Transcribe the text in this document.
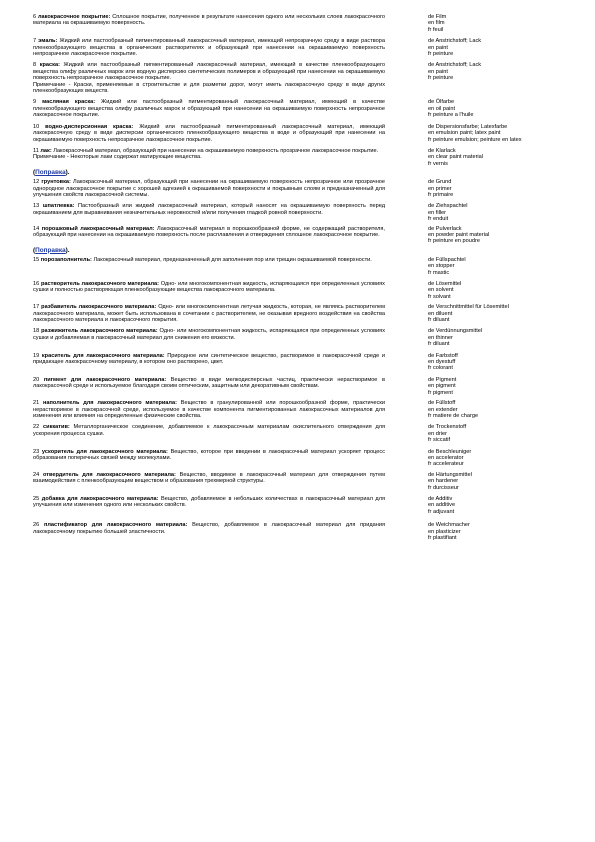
6 лакокрасочное покрытие: Сплошное покрытие, полученное в результате нанесения одного или нескольких слоев лакокрасочного материала на окрашиваемую поверхность.
de Film
en film
fr feuil
7 эмаль: Жидкий или пастообразный пигментированный лакокрасочный материал, имеющий непрозрачную среду в виде раствора пленкообразующего вещества в органических растворителях и образующий при нанесении на окрашиваемую поверхность непрозрачное лакокрасочное покрытие.
de Anstrichstoff; Lack
en paint
fr peinture
8 краска: Жидкий или пастообразный пигментированный лакокрасочный материал, имеющий в качестве пленкообразующего вещества олифу различных марок или водную дисперсию синтетических полимеров и образующий при нанесении на окрашиваемую поверхность непрозрачное лакокрасочное покрытие.
Примечание - Краски, применяемые в строительстве и для разметки дорог, могут иметь лакокрасочную среду в виде других пленкообразующих веществ.
de Anstrichstoff; Lack
en paint
fr peinture
9 масляная краска: Жидкий или пастообразный пигментированный лакокрасочный материал, имеющий в качестве пленкообразующего вещества олифу различных марок и образующий при нанесении на окрашиваемую поверхность непрозрачное лакокрасочное покрытие.
de Ölfarbe
en oil paint
fr peinture a l'huile
10 водно-дисперсионная краска: Жидкий или пастообразный пигментированный лакокрасочный материал, имеющий лакокрасочную среду в виде дисперсии органического пленкообразующего вещества в воде и образующий при нанесении на окрашиваемую поверхность непрозрачное лакокрасочное покрытие.
de Dispersionsfarbe; Latexfarbe
en emulsion paint; latex paint
fr peinture emulsion; peinture en latex
11 лак: Лакокрасочный материал, образующий при нанесении на окрашиваемую поверхность прозрачное лакокрасочное покрытие.
Примечание - Некоторые лаки содержат матирующие вещества.
de Klarlack
en clear paint material
fr vernis
(Поправка).
12 грунтовка: Лакокрасочный материал, образующий при нанесении на окрашиваемую поверхность непрозрачное или прозрачное однородное лакокрасочное покрытие с хорошей адгезией к окрашиваемой поверхности и покрывным слоям и предназначенный для улучшения свойств лакокрасочной системы.
de Grund
en primer
fr primaire
13 шпатлевка: Пастообразный или жидкий лакокрасочный материал, который наносят на окрашиваемую поверхность перед окрашиванием для выравнивания незначительных неровностей и/или получения гладкой ровной поверхности.
de Ziehspachtel
en filler
fr enduit
14 порошковый лакокрасочный материал: Лакокрасочный материал в порошкообразной форме, не содержащий растворителя, образующий при нанесении на окрашиваемую поверхность после расплавления и отверждения сплошное лакокрасочное покрытие.
de Pulverlack
en powder paint material
fr peinture en poudre
(Поправка).
15 порозаполнитель: Лакокрасочный материал, предназначенный для заполнения пор или трещин окрашиваемой поверхности.	de Füllspachtel
en stopper
fr mastic
16 растворитель лакокрасочного материала: Одно- или многокомпонентная жидкость, испаряющаяся при определенных условиях сушки и полностью растворяющая пленкообразующие вещества лакокрасочного материала.
de Lösemittel
en solvent
fr solvant
17 разбавитель лакокрасочного материала: Одно- или многокомпонентная летучая жидкость, которая, не являясь растворителем лакокрасочного материала, может быть использована в сочетании с растворителем, не оказывая вредного воздействия на свойства лакокрасочного материала и лакокрасочного покрытия.
de Verschnittmittel für Lösemittel
en diluent
fr diluant
18 разжижитель лакокрасочного материала: Одно- или многокомпонентная жидкость, испаряющаяся при определенных условиях сушки и добавляемая в лакокрасочный материал для снижения его вязкости.
de Verdünnungsmittel
en thinner
fr diluant
19 краситель для лакокрасочного материала: Природное или синтетическое вещество, растворимое в лакокрасочной среде и придающее лакокрасочному материалу, в котором оно растворено, цвет.
de Farbstoff
en dyestuff
fr colorant
20 пигмент для лакокрасочного материала: Вещество в виде мелкодисперсных частиц, практически нерастворимое в лакокрасочной среде и используемое благодаря своим оптическим, защитным или декоративным свойствам.
de Pigment
en pigment
fr pigment
21 наполнитель для лакокрасочного материала: Вещество в гранулированной или порошкообразной форме, практически нерастворимое в лакокрасочной среде, используемое в качестве компонента пигментированных лакокрасочных материалов для изменения или влияния на определенные физические свойства.
de Füllstoff
en extender
fr matiere de charge
22 сиккатив: Металлорганическое соединение, добавляемое к лакокрасочным материалам окислительного отверждения для ускорения процесса сушки.
de Trockenstoff
en drier
fr siccatif
23 ускоритель для лакокрасочного материала: Вещество, которое при введении в лакокрасочный материал ускоряет процесс образования поперечных связей между молекулами.
de Beschleuniger
en accelerator
fr accelerateur
24 отвердитель для лакокрасочного материала: Вещество, вводимое в лакокрасочный материал для отверждения путем взаимодействия с пленкообразующим веществом и образования трехмерной структуры.
de Härtungsmittel
en hardener
fr durcisseur
25 добавка для лакокрасочного материала: Вещество, добавляемое в небольших количествах в лакокрасочный материал для улучшения или изменения одного или нескольких свойств.
de Additiv
en additive
fr adjuvant
26 пластификатор для лакокрасочного материала: Вещество, добавляемое в лакокрасочный материал для придания лакокрасочному покрытию большей эластичности.
de Weichmacher
en plasticizer
fr plastifiant
